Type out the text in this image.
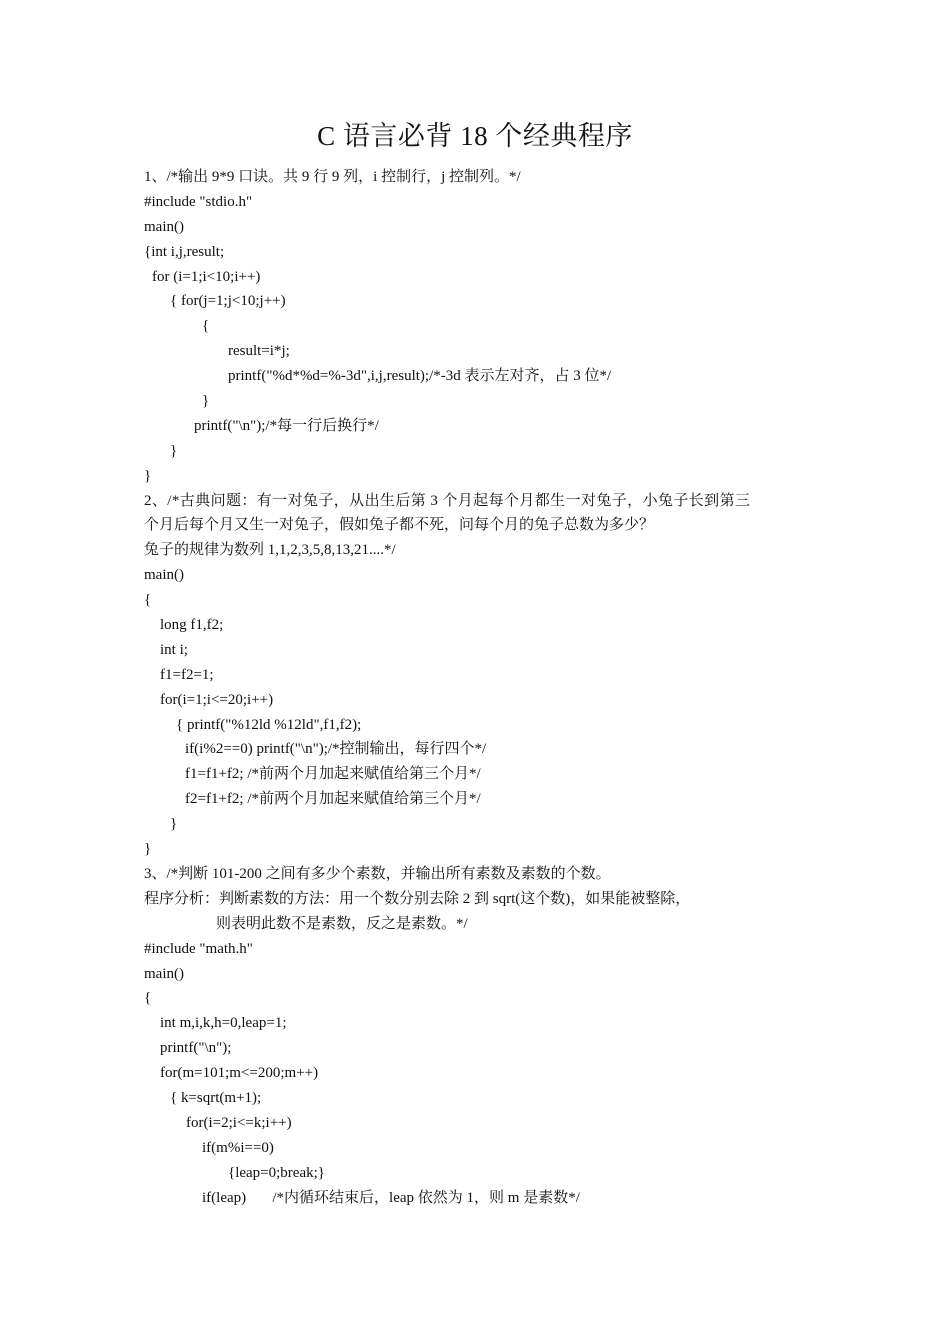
C 语言必背 18 个经典程序
1、/*输出 9*9 口诀。共 9 行 9 列，i 控制行，j 控制列。*/
#include "stdio.h"
main()
{int i,j,result;
for (i=1;i<10;i++)
{ for(j=1;j<10;j++)
{
result=i*j;
printf("%d*%d=%-3d",i,j,result);/*-3d 表示左对齐，占 3 位*/
}
printf("\n");/*每一行后换行*/
}
}
2、/*古典问题：有一对兔子，从出生后第 3 个月起每个月都生一对兔子，小兔子长到第三
个月后每个月又生一对兔子，假如兔子都不死，问每个月的兔子总数为多少？
兔子的规律为数列 1,1,2,3,5,8,13,21....*/
main()
{
long f1,f2;
int i;
f1=f2=1;
for(i=1;i<=20;i++)
{ printf("%12ld %12ld",f1,f2);
if(i%2==0) printf("\n");/*控制输出，每行四个*/
f1=f1+f2; /*前两个月加起来赋值给第三个月*/
f2=f1+f2; /*前两个月加起来赋值给第三个月*/
}
}
3、/*判断 101-200 之间有多少个素数，并输出所有素数及素数的个数。
程序分析：判断素数的方法：用一个数分别去除 2 到 sqrt(这个数)，如果能被整除，
则表明此数不是素数，反之是素数。*/
#include "math.h"
main()
{
int m,i,k,h=0,leap=1;
printf("\n");
for(m=101;m<=200;m++)
{ k=sqrt(m+1);
for(i=2;i<=k;i++)
if(m%i==0)
{leap=0;break;}
if(leap)       /*内循环结束后，leap 依然为 1，则 m 是素数*/
